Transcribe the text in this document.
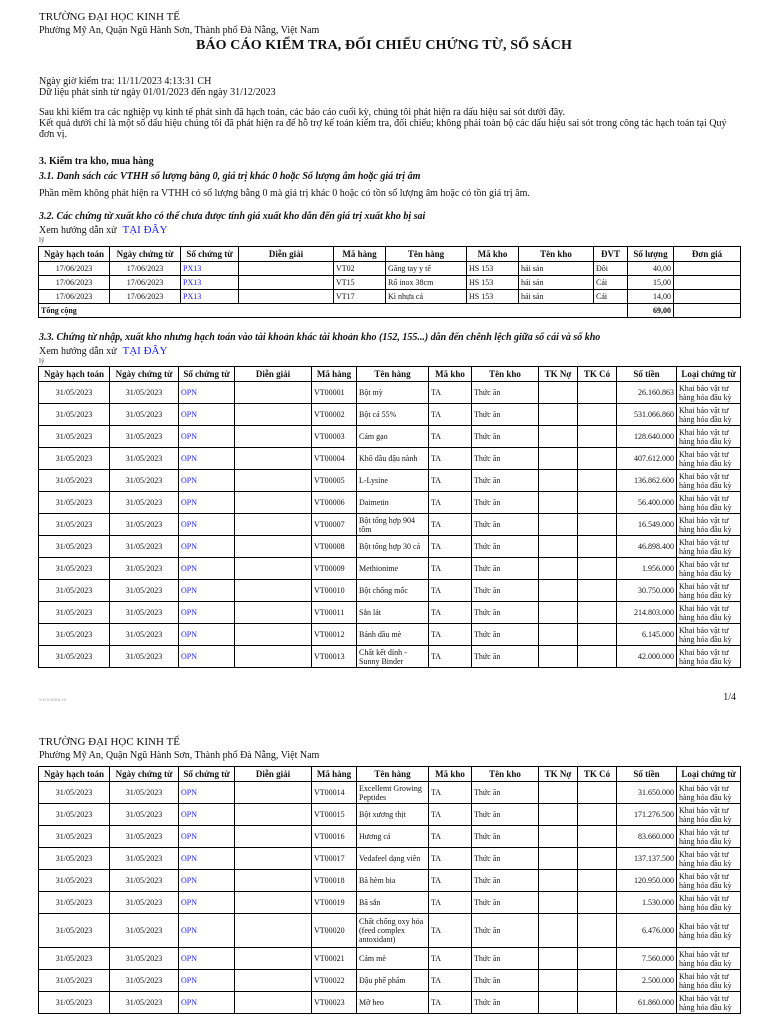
TRƯỜNG ĐẠI HỌC KINH TẾ
Phường Mỹ An, Quận Ngũ Hành Sơn, Thành phố Đà Nẵng, Việt Nam
BÁO CÁO KIỂM TRA, ĐỐI CHIẾU CHỨNG TỪ, SỔ SÁCH
Ngày giờ kiểm tra: 11/11/2023 4:13:31 CH
Dữ liệu phát sinh từ ngày 01/01/2023 đến ngày 31/12/2023
Sau khi kiểm tra các nghiệp vụ kinh tế phát sinh đã hạch toán, các báo cáo cuối kỳ, chúng tôi phát hiện ra dấu hiệu sai sót dưới đây.
Kết quả dưới chỉ là một số dấu hiệu chúng tôi đã phát hiện ra để hỗ trợ kế toán kiểm tra, đối chiếu; không phải toàn bộ các dấu hiệu sai sót trong công tác hạch toán tại Quý đơn vị.
3. Kiểm tra kho, mua hàng
3.1. Danh sách các VTHH số lượng bằng 0, giá trị khác 0 hoặc Số lượng âm hoặc giá trị âm
Phần mềm không phát hiện ra VTHH có số lượng bằng 0 mà giá trị khác 0 hoặc có tồn số lượng âm hoặc có tồn giá trị âm.
3.2. Các chứng từ xuất kho có thể chưa được tính giá xuất kho dẫn đến giá trị xuất kho bị sai
Xem hướng dẫn xử TẠI ĐÂY
lý
Ngày hạch toán	Ngày chứng từ	Số chứng từ	Diễn giải	Mã hàng	Tên hàng	Mã kho	Tên kho	ĐVT	Số lượng	Đơn giá
17/06/2023	17/06/2023	PX13		VT02	Găng tay y tế	HS 153	hải sản	Đôi	40,00	
17/06/2023	17/06/2023	PX13		VT15	Rổ inox 38cm	HS 153	hải sản	Cái	15,00	
17/06/2023	17/06/2023	PX13		VT17	Kì nhựa cá	HS 153	hải sản	Cái	14,00	
Tổng cộng									69,00	
3.3. Chứng từ nhập, xuất kho nhưng hạch toán vào tài khoản khác tài khoản kho (152, 155...) dẫn đến chênh lệch giữa sổ cái và sổ kho
Xem hướng dẫn xử TẠI ĐÂY
lý
Ngày hạch toán	Ngày chứng từ	Số chứng từ	Diễn giải	Mã hàng	Tên hàng	Mã kho	Tên kho	TK Nợ	TK Có	Số tiền	Loại chứng từ
31/05/2023	31/05/2023	OPN		VT00001	Bột mỳ	TA	Thức ăn			26.160.863	Khai báo vật tư hàng hóa đầu kỳ
31/05/2023	31/05/2023	OPN		VT00002	Bột cá 55%	TA	Thức ăn			531.066.860	Khai báo vật tư hàng hóa đầu kỳ
31/05/2023	31/05/2023	OPN		VT00003	Cám gạo	TA	Thức ăn			128.640.000	Khai báo vật tư hàng hóa đầu kỳ
31/05/2023	31/05/2023	OPN		VT00004	Khô dầu đậu nành	TA	Thức ăn			407.612.000	Khai báo vật tư hàng hóa đầu kỳ
31/05/2023	31/05/2023	OPN		VT00005	L-Lysine	TA	Thức ăn			136.862.600	Khai báo vật tư hàng hóa đầu kỳ
31/05/2023	31/05/2023	OPN		VT00006	Daimetin	TA	Thức ăn			56.400.000	Khai báo vật tư hàng hóa đầu kỳ
31/05/2023	31/05/2023	OPN		VT00007	Bột tổng hợp 904 tôm	TA	Thức ăn			16.549.000	Khai báo vật tư hàng hóa đầu kỳ
31/05/2023	31/05/2023	OPN		VT00008	Bột tổng hợp 30 cá	TA	Thức ăn			46.898.400	Khai báo vật tư hàng hóa đầu kỳ
31/05/2023	31/05/2023	OPN		VT00009	Methionime	TA	Thức ăn			1.956.000	Khai báo vật tư hàng hóa đầu kỳ
31/05/2023	31/05/2023	OPN		VT00010	Bột chống mốc	TA	Thức ăn			30.750.000	Khai báo vật tư hàng hóa đầu kỳ
31/05/2023	31/05/2023	OPN		VT00011	Sắn lát	TA	Thức ăn			214.803.000	Khai báo vật tư hàng hóa đầu kỳ
31/05/2023	31/05/2023	OPN		VT00012	Bánh dầu mè	TA	Thức ăn			6.145.000	Khai báo vật tư hàng hóa đầu kỳ
31/05/2023	31/05/2023	OPN		VT00013	Chất kết dính - Sunny Binder	TA	Thức ăn			42.000.000	Khai báo vật tư hàng hóa đầu kỳ
www.misa.vn	1/4
TRƯỜNG ĐẠI HỌC KINH TẾ
Phường Mỹ An, Quận Ngũ Hành Sơn, Thành phố Đà Nẵng, Việt Nam
Ngày hạch toán	Ngày chứng từ	Số chứng từ	Diễn giải	Mã hàng	Tên hàng	Mã kho	Tên kho	TK Nợ	TK Có	Số tiền	Loại chứng từ
31/05/2023	31/05/2023	OPN		VT00014	Excellemt Growing Peptides	TA	Thức ăn			31.650.000	Khai báo vật tư hàng hóa đầu kỳ
31/05/2023	31/05/2023	OPN		VT00015	Bột xương thịt	TA	Thức ăn			171.276.500	Khai báo vật tư hàng hóa đầu kỳ
31/05/2023	31/05/2023	OPN		VT00016	Hương cá	TA	Thức ăn			83.660.000	Khai báo vật tư hàng hóa đầu kỳ
31/05/2023	31/05/2023	OPN		VT00017	Vedafeel dạng viên	TA	Thức ăn			137.137.500	Khai báo vật tư hàng hóa đầu kỳ
31/05/2023	31/05/2023	OPN		VT00018	Bã hèm bia	TA	Thức ăn			120.950.000	Khai báo vật tư hàng hóa đầu kỳ
31/05/2023	31/05/2023	OPN		VT00019	Bã sắn	TA	Thức ăn			1.530.000	Khai báo vật tư hàng hóa đầu kỳ
31/05/2023	31/05/2023	OPN		VT00020	Chất chống oxy hóa (feed complex antoxidant)	TA	Thức ăn			6.476.000	Khai báo vật tư hàng hóa đầu kỳ
31/05/2023	31/05/2023	OPN		VT00021	Cám mè	TA	Thức ăn			7.560.000	Khai báo vật tư hàng hóa đầu kỳ
31/05/2023	31/05/2023	OPN		VT00022	Đậu phế phẩm	TA	Thức ăn			2.500.000	Khai báo vật tư hàng hóa đầu kỳ
31/05/2023	31/05/2023	OPN		VT00023	Mỡ heo	TA	Thức ăn			61.860.000	Khai báo vật tư hàng hóa đầu kỳ
